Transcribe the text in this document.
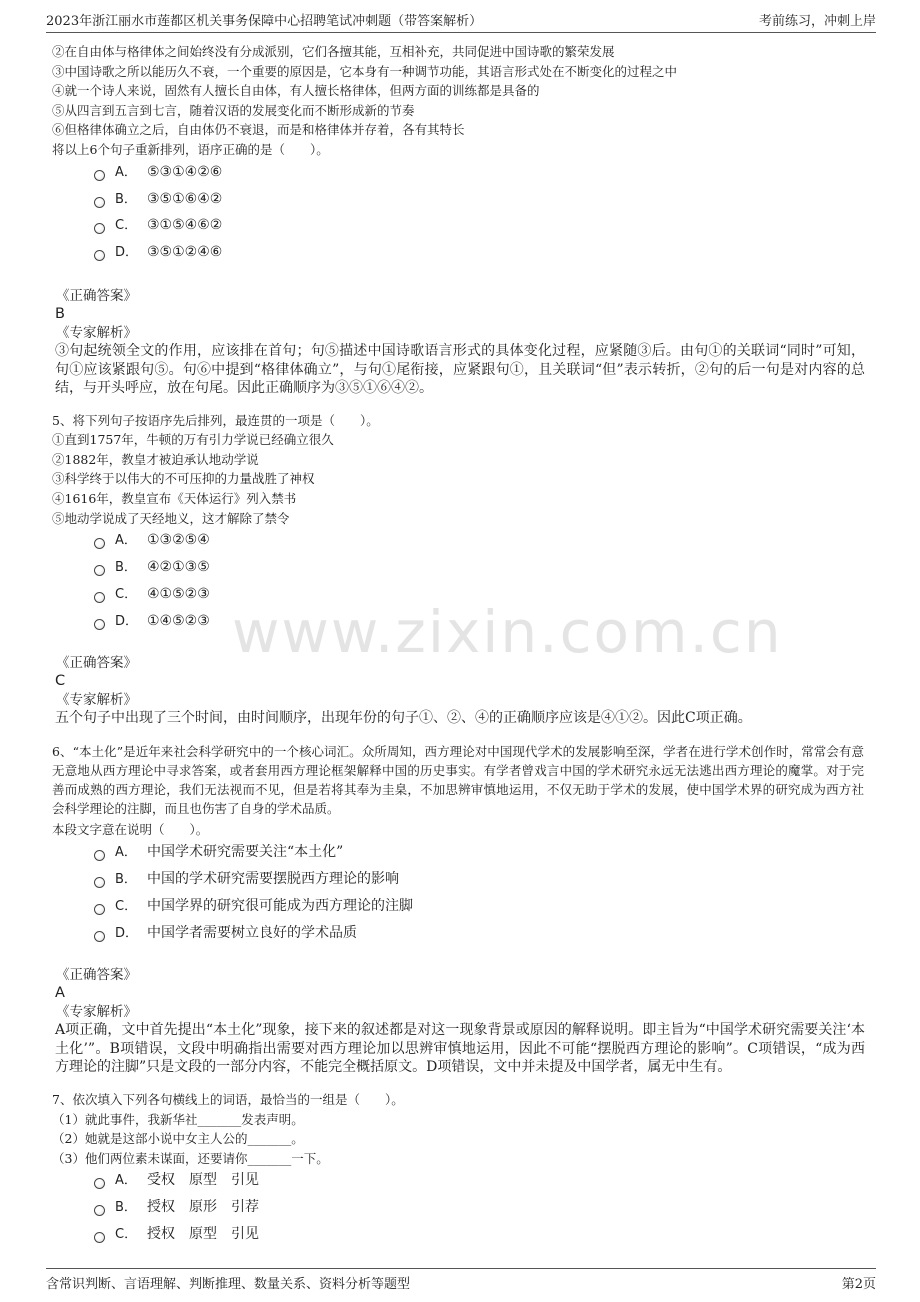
www.zixin.com.cn
2023年浙江丽水市莲都区机关事务保障中心招聘笔试冲刺题（带答案解析）	考前练习，冲刺上岸
②在自由体与格律体之间始终没有分成派别，它们各擅其能，互相补充，共同促进中国诗歌的繁荣发展
③中国诗歌之所以能历久不衰，一个重要的原因是，它本身有一种调节功能，其语言形式处在不断变化的过程之中
④就一个诗人来说，固然有人擅长自由体，有人擅长格律体，但两方面的训练都是具备的
⑤从四言到五言到七言，随着汉语的发展变化而不断形成新的节奏
⑥但格律体确立之后，自由体仍不衰退，而是和格律体并存着，各有其特长
将以上6个句子重新排列，语序正确的是（　　）。
A． ⑤③①④②⑥
B． ③⑤①⑥④②
C． ③①⑤④⑥②
D． ③⑤①②④⑥
《正确答案》
B
《专家解析》
③句起统领全文的作用，应该排在首句；句⑤描述中国诗歌语言形式的具体变化过程，应紧随③后。由句①的关联词“同时”可知，句①应该紧跟句⑤。句⑥中提到“格律体确立”，与句①尾衔接，应紧跟句①，且关联词“但”表示转折，②句的后一句是对内容的总结，与开头呼应，放在句尾。因此正确顺序为③⑤①⑥④②。
5、将下列句子按语序先后排列，最连贯的一项是（　　）。
①直到1757年，牛顿的万有引力学说已经确立很久
②1882年，教皇才被迫承认地动学说
③科学终于以伟大的不可压抑的力量战胜了神权
④1616年，教皇宣布《天体运行》列入禁书
⑤地动学说成了天经地义，这才解除了禁令
A． ①③②⑤④
B． ④②①③⑤
C． ④①⑤②③
D． ①④⑤②③
《正确答案》
C
《专家解析》
五个句子中出现了三个时间，由时间顺序，出现年份的句子①、②、④的正确顺序应该是④①②。因此C项正确。
6、“本土化”是近年来社会科学研究中的一个核心词汇。众所周知，西方理论对中国现代学术的发展影响至深，学者在进行学术创作时，常常会有意无意地从西方理论中寻求答案，或者套用西方理论框架解释中国的历史事实。有学者曾戏言中国的学术研究永远无法逃出西方理论的魔掌。对于完善而成熟的西方理论，我们无法视而不见，但是若将其奉为圭臬，不加思辨审慎地运用，不仅无助于学术的发展，使中国学术界的研究成为西方社会科学理论的注脚，而且也伤害了自身的学术品质。
本段文字意在说明（　　）。
A． 中国学术研究需要关注“本土化”
B． 中国的学术研究需要摆脱西方理论的影响
C． 中国学界的研究很可能成为西方理论的注脚
D． 中国学者需要树立良好的学术品质
《正确答案》
A
《专家解析》
A项正确，文中首先提出“本土化”现象，接下来的叙述都是对这一现象背景或原因的解释说明。即主旨为“中国学术研究需要关注‘本土化’”。B项错误，文段中明确指出需要对西方理论加以思辨审慎地运用，因此不可能“摆脱西方理论的影响”。C项错误，“成为西方理论的注脚”只是文段的一部分内容，不能完全概括原文。D项错误，文中并未提及中国学者，属无中生有。
7、依次填入下列各句横线上的词语，最恰当的一组是（　　）。
（1）就此事件，我新华社_______发表声明。
（2）她就是这部小说中女主人公的_______。
（3）他们两位素未谋面，还要请你_______一下。
A． 受权　原型　引见
B． 授权　原形　引荐
C． 授权　原型　引见
含常识判断、言语理解、判断推理、数量关系、资料分析等题型	第2页
